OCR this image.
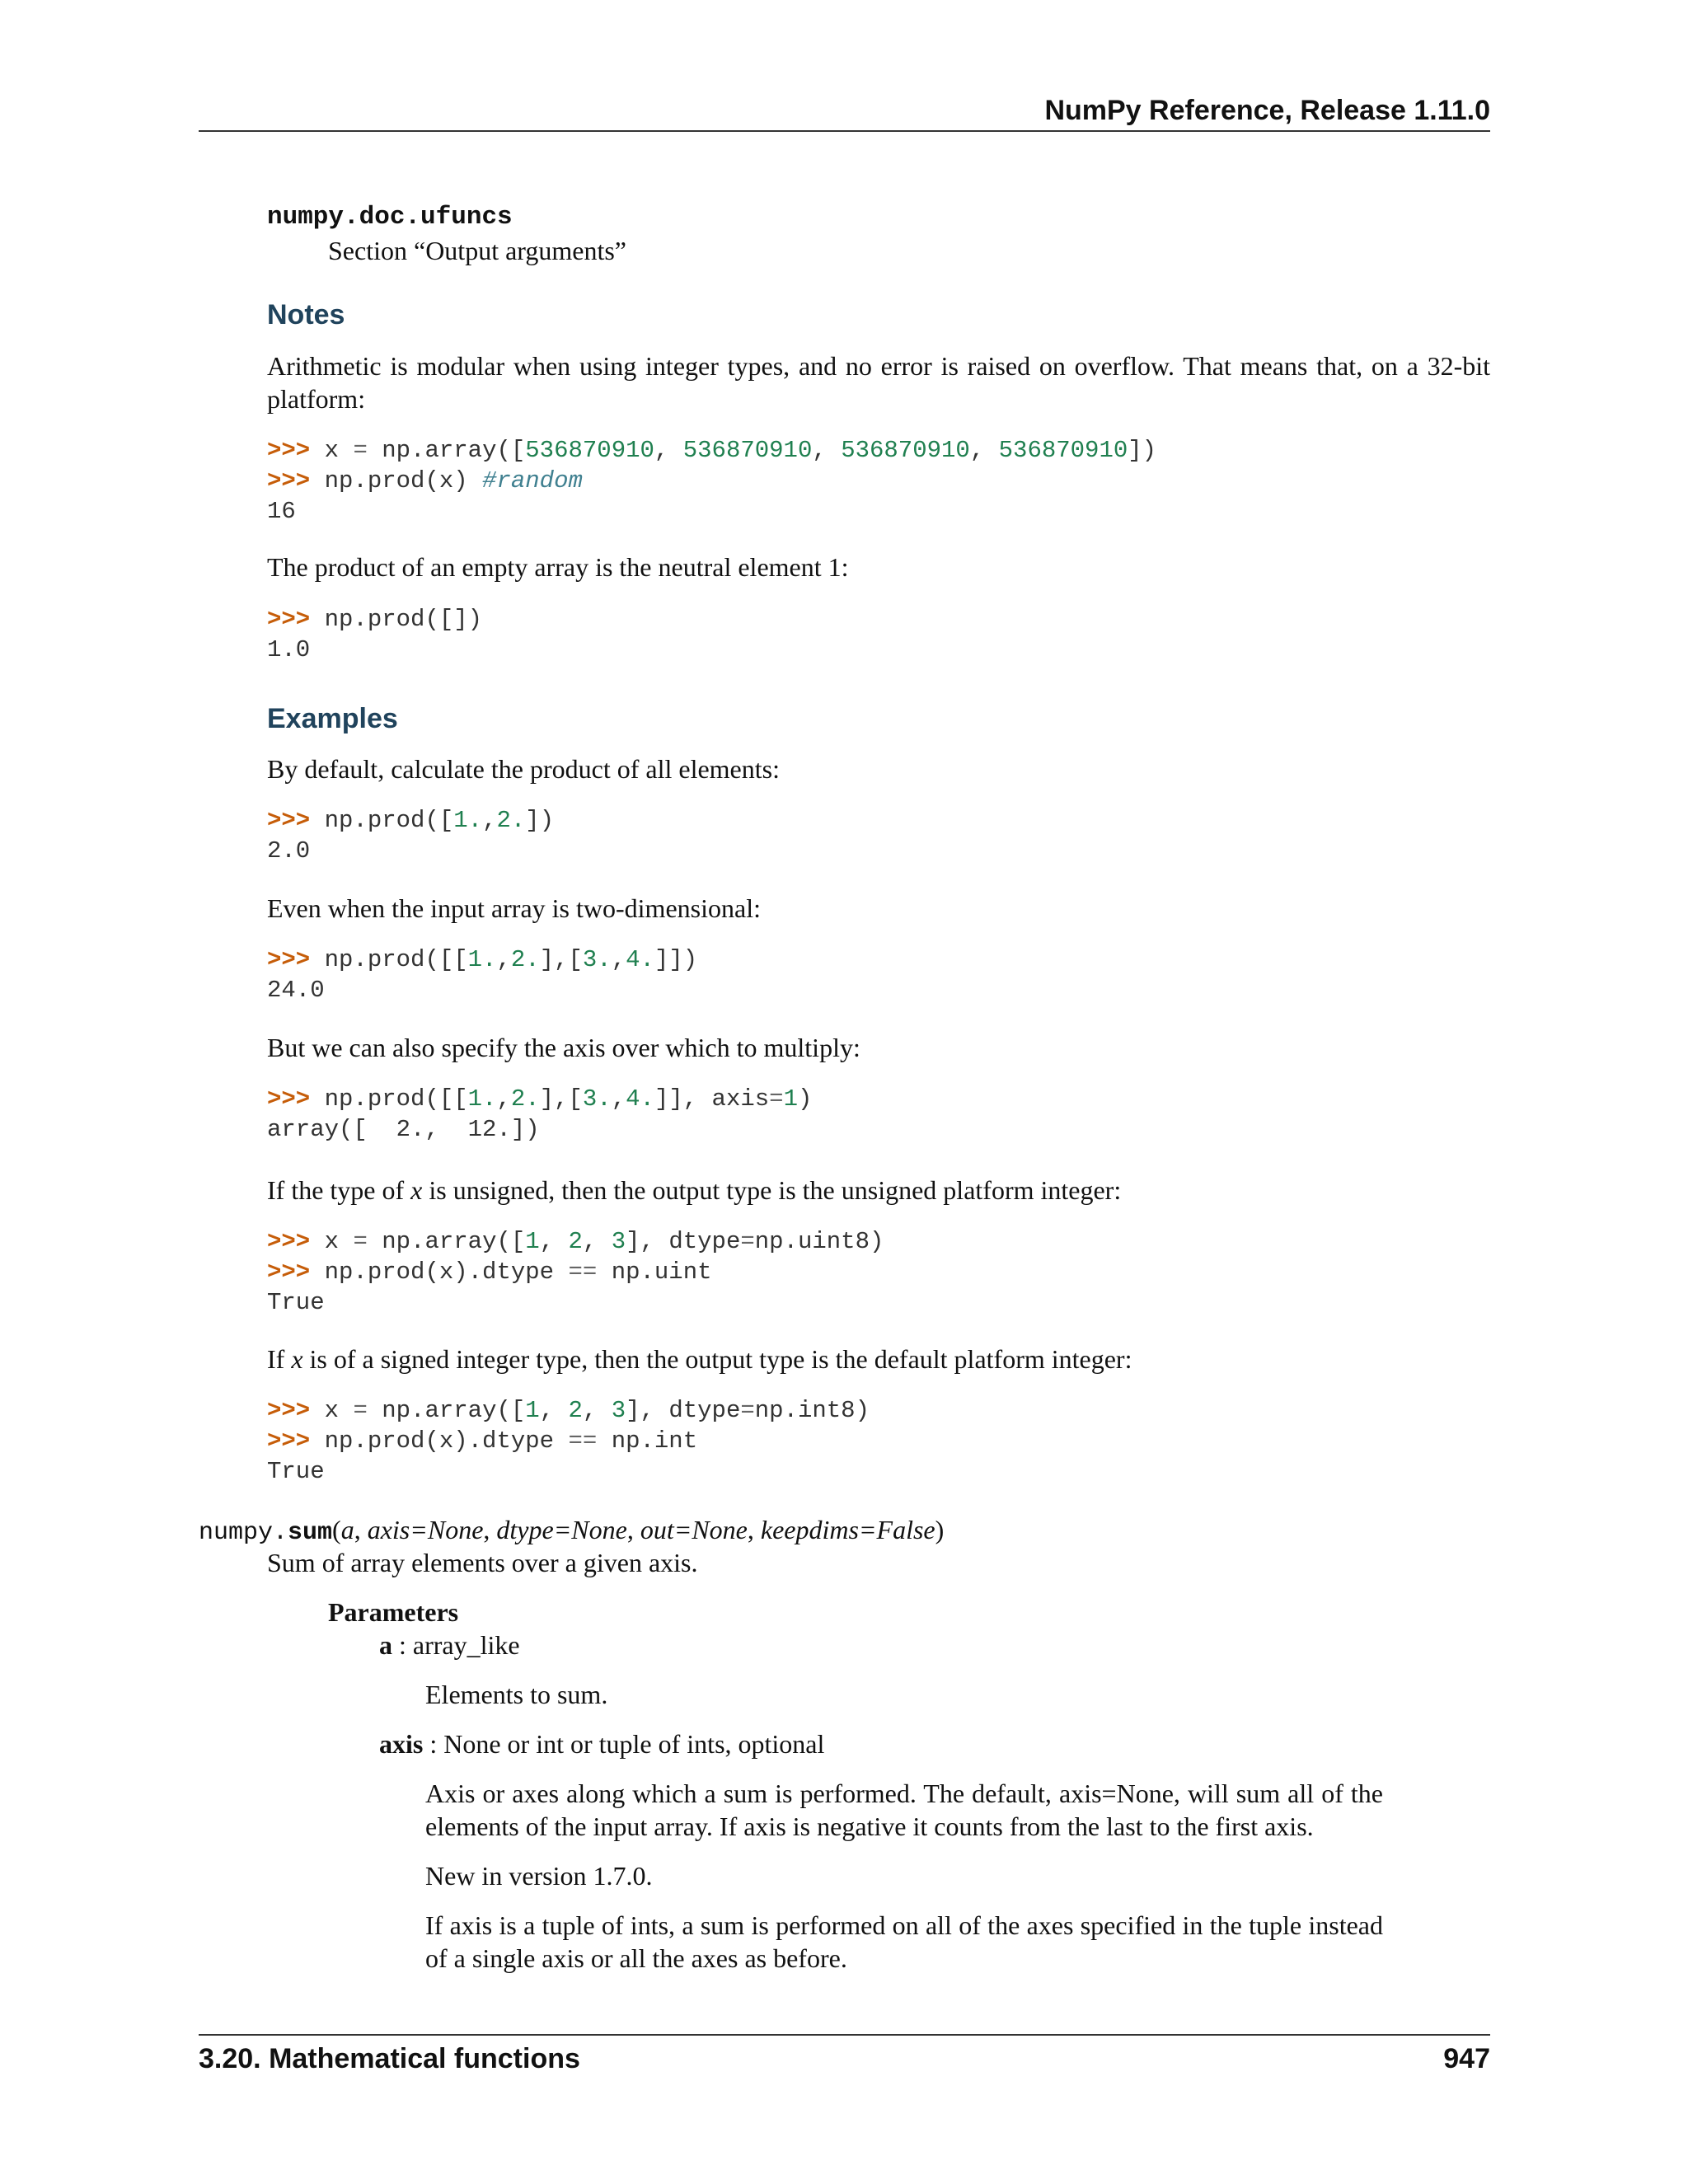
NumPy Reference, Release 1.11.0
numpy.doc.ufuncs
Section “Output arguments”
Notes
Arithmetic is modular when using integer types, and no error is raised on overflow. That means that, on a 32-bit platform:
>>> x = np.array([536870910, 536870910, 536870910, 536870910])
>>> np.prod(x) #random
16
The product of an empty array is the neutral element 1:
>>> np.prod([])
1.0
Examples
By default, calculate the product of all elements:
>>> np.prod([1.,2.])
2.0
Even when the input array is two-dimensional:
>>> np.prod([[1.,2.],[3.,4.]])
24.0
But we can also specify the axis over which to multiply:
>>> np.prod([[1.,2.],[3.,4.]], axis=1)
array([  2.,  12.])
If the type of x is unsigned, then the output type is the unsigned platform integer:
>>> x = np.array([1, 2, 3], dtype=np.uint8)
>>> np.prod(x).dtype == np.uint
True
If x is of a signed integer type, then the output type is the default platform integer:
>>> x = np.array([1, 2, 3], dtype=np.int8)
>>> np.prod(x).dtype == np.int
True
numpy.sum(a, axis=None, dtype=None, out=None, keepdims=False)
Sum of array elements over a given axis.
Parameters
a : array_like
Elements to sum.
axis : None or int or tuple of ints, optional
Axis or axes along which a sum is performed. The default, axis=None, will sum all of the elements of the input array. If axis is negative it counts from the last to the first axis.
New in version 1.7.0.
If axis is a tuple of ints, a sum is performed on all of the axes specified in the tuple instead of a single axis or all the axes as before.
3.20. Mathematical functions	947
